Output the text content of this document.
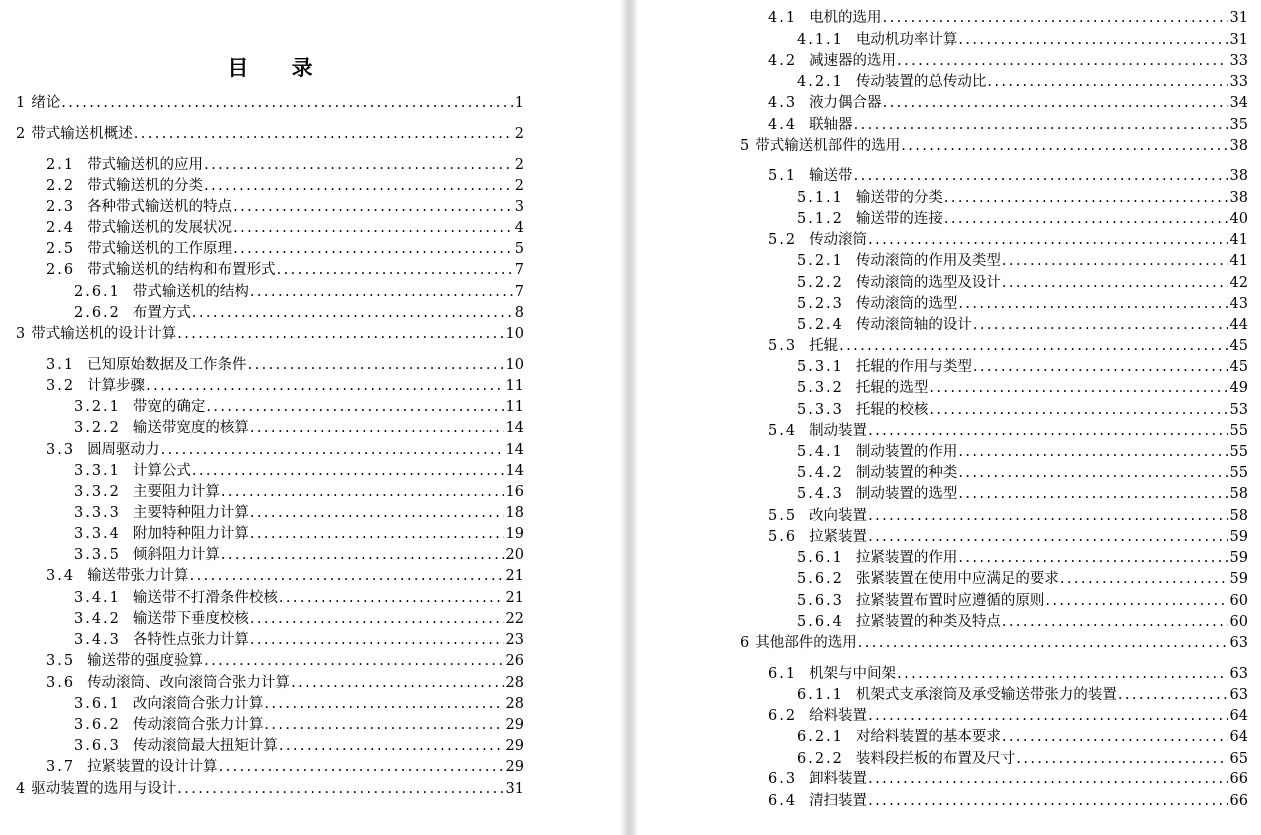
目 录
1 绪论 .....	1
2 带式输送机概述 .....	2
2.1 带式输送机的应用 .....	2
2.2 带式输送机的分类 .....	2
2.3 各种带式输送机的特点 .....	3
2.4 带式输送机的发展状况 .....	4
2.5 带式输送机的工作原理 .....	5
2.6 带式输送机的结构和布置形式 .....	7
2.6.1 带式输送机的结构 .....	7
2.6.2 布置方式 .....	8
3 带式输送机的设计计算 .....	10
3.1 已知原始数据及工作条件 .....	10
3.2 计算步骤 .....	11
3.2.1 带宽的确定 .....	11
3.2.2 输送带宽度的核算 .....	14
3.3 圆周驱动力 .....	14
3.3.1 计算公式 .....	14
3.3.2 主要阻力计算 .....	16
3.3.3 主要特种阻力计算 .....	18
3.3.4 附加特种阻力计算 .....	19
3.3.5 倾斜阻力计算 .....	20
3.4 输送带张力计算 .....	21
3.4.1 输送带不打滑条件校核 .....	21
3.4.2 输送带下垂度校核 .....	22
3.4.3 各特性点张力计算 .....	23
3.5 输送带的强度验算 .....	26
3.6 传动滚筒、改向滚筒合张力计算 .....	28
3.6.1 改向滚筒合张力计算 .....	28
3.6.2 传动滚筒合张力计算 .....	29
3.6.3 传动滚筒最大扭矩计算 .....	29
3.7 拉紧装置的设计计算 .....	29
4 驱动装置的选用与设计 .....	31
4.1 电机的选用 .....	31
4.1.1 电动机功率计算 .....	31
4.2 减速器的选用 .....	33
4.2.1 传动装置的总传动比 .....	33
4.3 液力偶合器 .....	34
4.4 联轴器 .....	35
5 带式输送机部件的选用 .....	38
5.1 输送带 .....	38
5.1.1 输送带的分类 .....	38
5.1.2 输送带的连接 .....	40
5.2 传动滚筒 .....	41
5.2.1 传动滚筒的作用及类型 .....	41
5.2.2 传动滚筒的选型及设计 .....	42
5.2.3 传动滚筒的选型 .....	43
5.2.4 传动滚筒轴的设计 .....	44
5.3 托辊 .....	45
5.3.1 托辊的作用与类型 .....	45
5.3.2 托辊的选型 .....	49
5.3.3 托辊的校核 .....	53
5.4 制动装置 .....	55
5.4.1 制动装置的作用 .....	55
5.4.2 制动装置的种类 .....	55
5.4.3 制动装置的选型 .....	58
5.5 改向装置 .....	58
5.6 拉紧装置 .....	59
5.6.1 拉紧装置的作用 .....	59
5.6.2 张紧装置在使用中应满足的要求 .....	59
5.6.3 拉紧装置布置时应遵循的原则 .....	60
5.6.4 拉紧装置的种类及特点 .....	60
6 其他部件的选用 .....	63
6.1 机架与中间架 .....	63
6.1.1 机架式支承滚筒及承受输送带张力的装置 .....	63
6.2 给料装置 .....	64
6.2.1 对给料装置的基本要求 .....	64
6.2.2 装料段拦板的布置及尺寸 .....	65
6.3 卸料装置 .....	66
6.4 清扫装置 .....	66
